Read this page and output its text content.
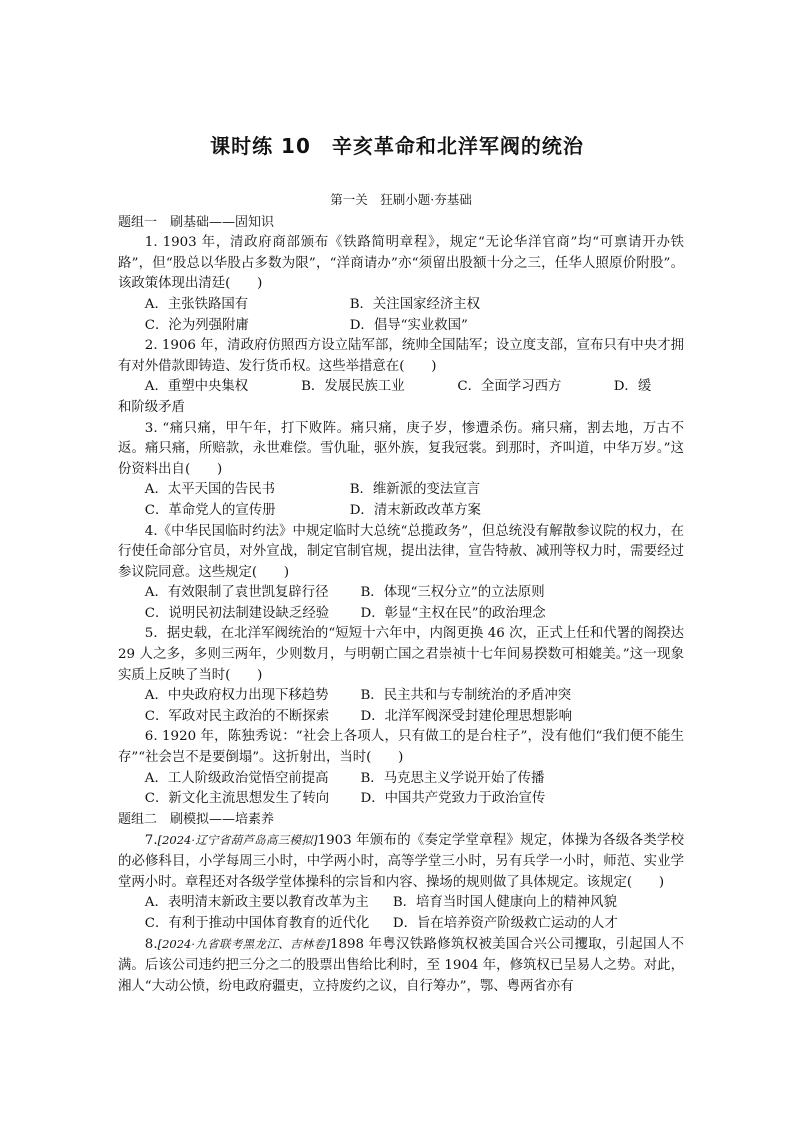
课时练 10　辛亥革命和北洋军阀的统治

第一关　狂刷小题·夯基础

题组一　刷基础——固知识

1. 1903 年，清政府商部颁布《铁路简明章程》，规定“无论华洋官商”均“可禀请开办铁路”，但“股总以华股占多数为限”，“洋商请办”亦“须留出股额十分之三，任华人照原价附股”。该政策体现出清廷(　　)

A．主张铁路国有	B．关注国家经济主权
C．沦为列强附庸	D．倡导“实业救国”

2. 1906 年，清政府仿照西方设立陆军部，统帅全国陆军；设立度支部，宣布只有中央才拥有对外借款即铸造、发行货币权。这些举措意在(　　)

A．重塑中央集权	B．发展民族工业	C．全面学习西方	D．缓

和阶级矛盾

3. “痛只痛，甲午年，打下败阵。痛只痛，庚子岁，惨遭杀伤。痛只痛，割去地，万古不返。痛只痛，所赔款，永世难偿。雪仇耻，驱外族，复我冠裳。到那时，齐叫道，中华万岁。”这份资料出自(　　)

A．太平天国的告民书	B．维新派的变法宣言
C．革命党人的宣传册	D．清末新政改革方案

4.《中华民国临时约法》中规定临时大总统“总揽政务”，但总统没有解散参议院的权力，在行使任命部分官员，对外宣战，制定官制官规，提出法律，宣告特赦、减刑等权力时，需要经过参议院同意。这些规定(　　)

A．有效限制了袁世凯复辟行径	B．体现“三权分立”的立法原则
C．说明民初法制建设缺乏经验	D．彰显“主权在民”的政治理念

5．据史载，在北洋军阀统治的“短短十六年中，内阁更换 46 次，正式上任和代署的阁揆达 29 人之多，多则三两年，少则数月，与明朝亡国之君崇祯十七年间易揆数可相媲美。”这一现象实质上反映了当时(　　)

A．中央政府权力出现下移趋势	B．民主共和与专制统治的矛盾冲突
C．军政对民主政治的不断探索	D．北洋军阀深受封建伦理思想影响

6. 1920 年，陈独秀说：“社会上各项人，只有做工的是台柱子”，没有他们“我们便不能生存”“社会岂不是要倒塌”。这折射出，当时(　　)

A．工人阶级政治觉悟空前提高	B．马克思主义学说开始了传播
C．新文化主流思想发生了转向	D．中国共产党致力于政治宣传

题组二　刷模拟——培素养

7.[2024·辽宁省葫芦岛高三模拟]1903 年颁布的《奏定学堂章程》规定，体操为各级各类学校的必修科目，小学每周三小时，中学两小时，高等学堂三小时，另有兵学一小时，师范、实业学堂两小时。章程还对各级学堂体操科的宗旨和内容、操场的规则做了具体规定。该规定(　　)

A．表明清末新政主要以教育改革为主	B．培育当时国人健康向上的精神风貌
C．有利于推动中国体育教育的近代化	D．旨在培养资产阶级救亡运动的人才

8.[2024·九省联考黑龙江、吉林卷]1898 年粤汉铁路修筑权被美国合兴公司攫取，引起国人不满。后该公司违约把三分之二的股票出售给比利时，至 1904 年，修筑权已呈易人之势。对此，湘人“大动公愤，纷电政府疆吏，立持废约之议，自行筹办”，鄂、粤两省亦有
